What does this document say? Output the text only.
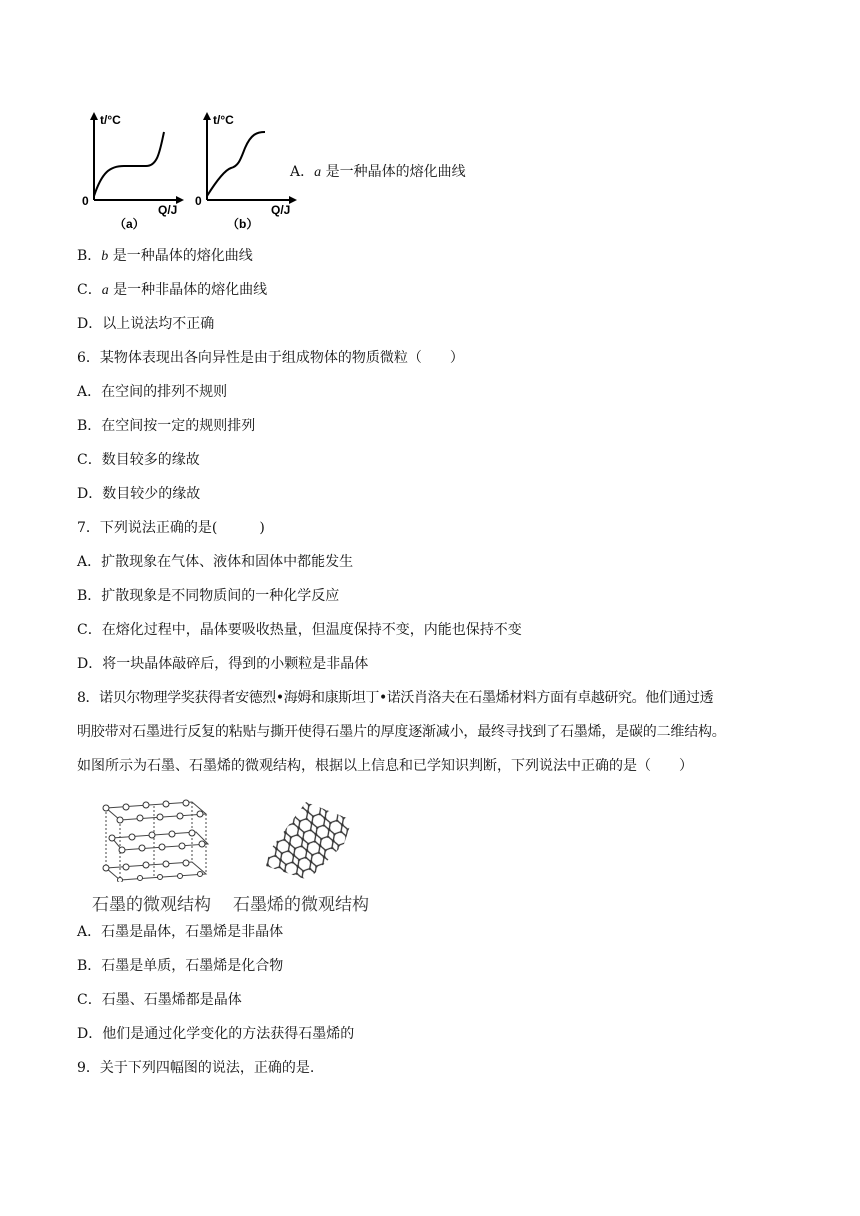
t/°C
0
Q/J
（a）
t/°C
0
Q/J
（b）
A．a 是一种晶体的熔化曲线
B．b 是一种晶体的熔化曲线
C．a 是一种非晶体的熔化曲线
D．以上说法均不正确
6．某物体表现出各向异性是由于组成物体的物质微粒（　　）
A．在空间的排列不规则
B．在空间按一定的规则排列
C．数目较多的缘故
D．数目较少的缘故
7．下列说法正确的是(　　　)
A．扩散现象在气体、液体和固体中都能发生
B．扩散现象是不同物质间的一种化学反应
C．在熔化过程中，晶体要吸收热量，但温度保持不变，内能也保持不变
D．将一块晶体敲碎后，得到的小颗粒是非晶体
8．诺贝尔物理学奖获得者安德烈•海姆和康斯坦丁•诺沃肖洛夫在石墨烯材料方面有卓越研究。他们通过透
明胶带对石墨进行反复的粘贴与撕开使得石墨片的厚度逐渐减小，最终寻找到了石墨烯，是碳的二维结构。
如图所示为石墨、石墨烯的微观结构，根据以上信息和已学知识判断，下列说法中正确的是（　　）
石墨的微观结构 石墨烯的微观结构
A．石墨是晶体，石墨烯是非晶体
B．石墨是单质，石墨烯是化合物
C．石墨、石墨烯都是晶体
D．他们是通过化学变化的方法获得石墨烯的
9．关于下列四幅图的说法，正确的是.
